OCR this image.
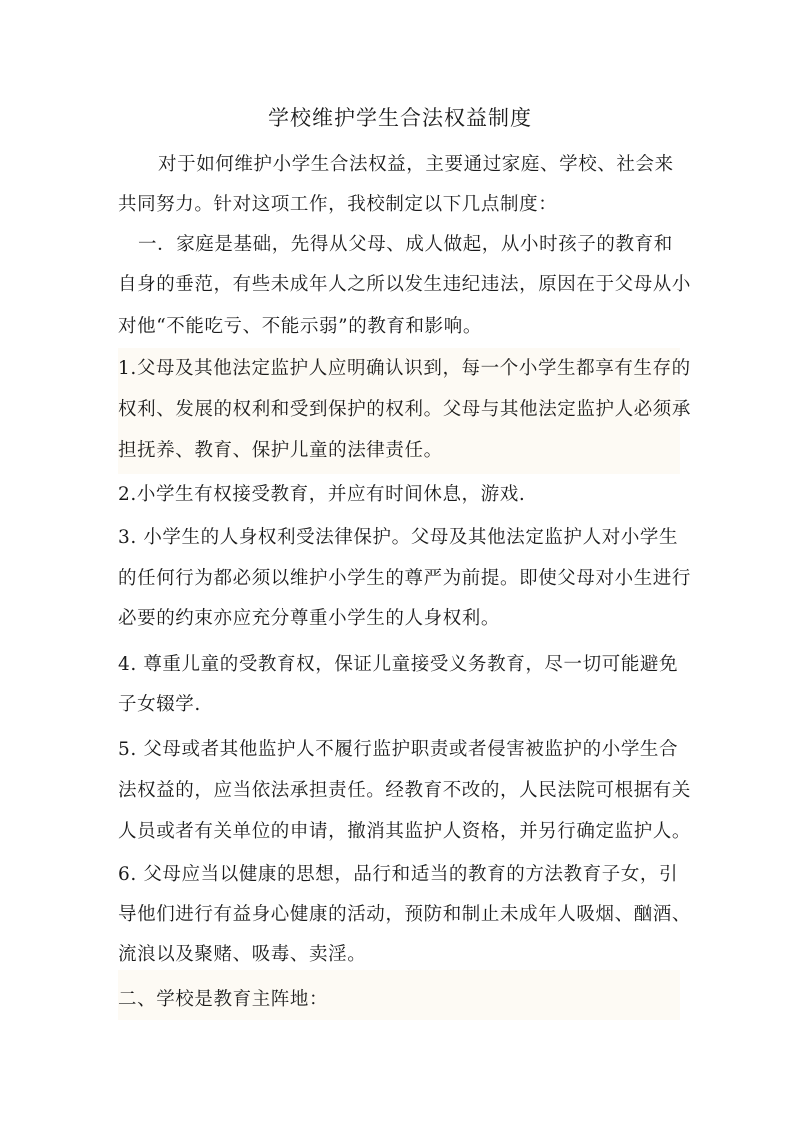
学校维护学生合法权益制度
对于如何维护小学生合法权益，主要通过家庭、学校、社会来
共同努力。针对这项工作，我校制定以下几点制度：
一．家庭是基础，先得从父母、成人做起，从小时孩子的教育和
自身的垂范，有些未成年人之所以发生违纪违法，原因在于父母从小
对他“不能吃亏、不能示弱”的教育和影响。
1.父母及其他法定监护人应明确认识到，每一个小学生都享有生存的
权利、发展的权利和受到保护的权利。父母与其他法定监护人必须承
担抚养、教育、保护儿童的法律责任。
2.小学生有权接受教育，并应有时间休息，游戏.
3. 小学生的人身权利受法律保护。父母及其他法定监护人对小学生
的任何行为都必须以维护小学生的尊严为前提。即使父母对小生进行
必要的约束亦应充分尊重小学生的人身权利。
4. 尊重儿童的受教育权，保证儿童接受义务教育，尽一切可能避免
子女辍学.
5. 父母或者其他监护人不履行监护职责或者侵害被监护的小学生合
法权益的，应当依法承担责任。经教育不改的，人民法院可根据有关
人员或者有关单位的申请，撤消其监护人资格，并另行确定监护人。
6. 父母应当以健康的思想，品行和适当的教育的方法教育子女，引
导他们进行有益身心健康的活动，预防和制止未成年人吸烟、酗酒、
流浪以及聚赌、吸毒、卖淫。
二、学校是教育主阵地：
